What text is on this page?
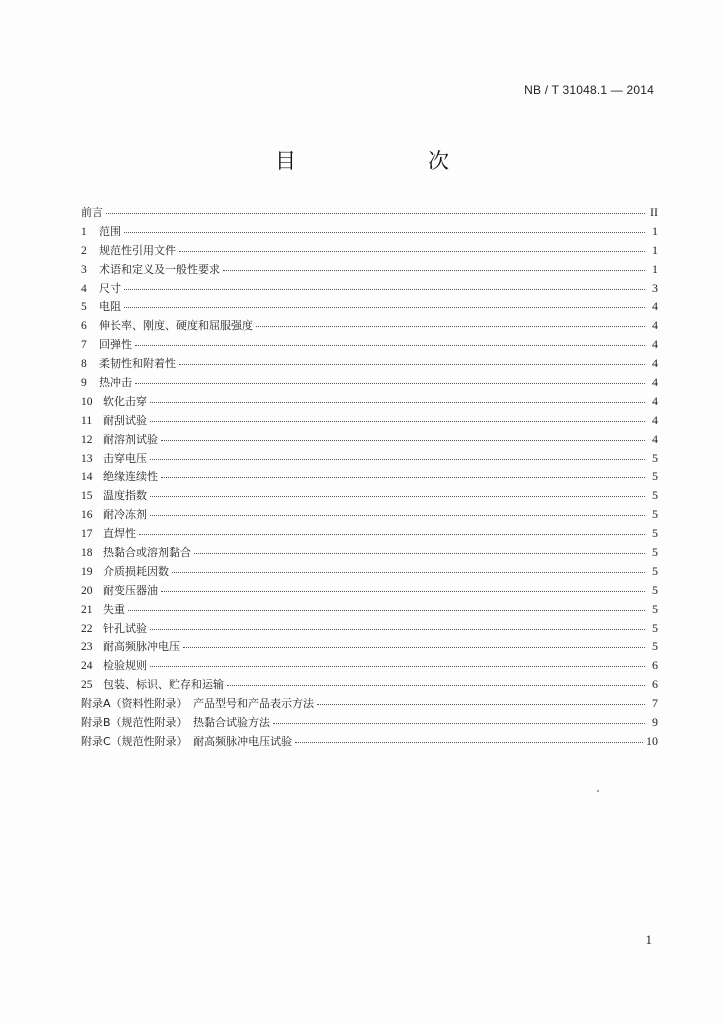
NB / T 31048.1 — 2014
目　　次
前言	II
1	范围	1
2	规范性引用文件	1
3	术语和定义及一般性要求	1
4	尺寸	3
5	电阻	4
6	伸长率、刚度、硬度和屈服强度	4
7	回弹性	4
8	柔韧性和附着性	4
9	热冲击	4
10 软化击穿	4
11 耐刮试验	4
12 耐溶剂试验	4
13 击穿电压	5
14 绝缘连续性	5
15 温度指数	5
16 耐冷冻剂	5
17 直焊性	5
18 热黏合或溶剂黏合	5
19 介质损耗因数	5
20 耐变压器油	5
21 失重	5
22 针孔试验	5
23 耐高频脉冲电压	5
24 检验规则	6
25 包装、标识、贮存和运输	6
附录A（资料性附录）　产品型号和产品表示方法	7
附录B（规范性附录）　热黏合试验方法	9
附录C（规范性附录）　耐高频脉冲电压试验	10
1
